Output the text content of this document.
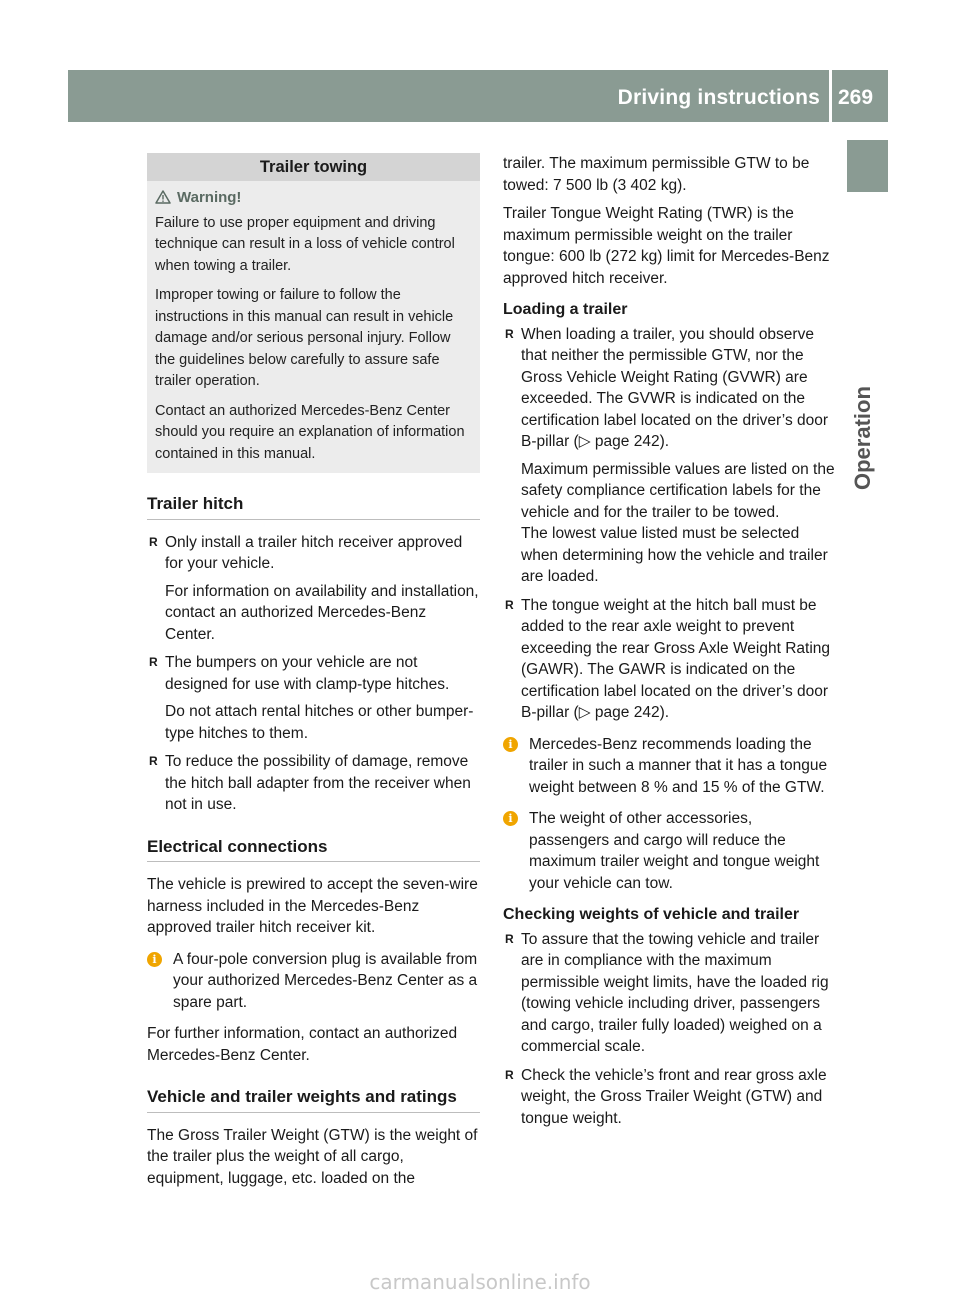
Driving instructions 269
Operation
Trailer towing
Warning!

Failure to use proper equipment and driving technique can result in a loss of vehicle control when towing a trailer.

Improper towing or failure to follow the instructions in this manual can result in vehicle damage and/or serious personal injury. Follow the guidelines below carefully to assure safe trailer operation.

Contact an authorized Mercedes-Benz Center should you require an explanation of information contained in this manual.

Trailer hitch
R Only install a trailer hitch receiver approved for your vehicle.

For information on availability and installation, contact an authorized Mercedes-Benz Center.

R The bumpers on your vehicle are not designed for use with clamp-type hitches.

Do not attach rental hitches or other bumper-type hitches to them.

R To reduce the possibility of damage, remove the hitch ball adapter from the receiver when not in use.

Electrical connections

The vehicle is prewired to accept the seven-wire harness included in the Mercedes-Benz approved trailer hitch receiver kit.

i	A four-pole conversion plug is available from your authorized Mercedes-Benz Center as a spare part.

For further information, contact an authorized Mercedes-Benz Center.

Vehicle and trailer weights and ratings

The Gross Trailer Weight (GTW) is the weight of the trailer plus the weight of all cargo, equipment, luggage, etc. loaded on the

trailer. The maximum permissible GTW to be towed: 7 500 lb (3 402 kg).

Trailer Tongue Weight Rating (TWR) is the maximum permissible weight on the trailer tongue: 600 lb (272 kg) limit for Mercedes-Benz approved hitch receiver.

Loading a trailer
R When loading a trailer, you should observe that neither the permissible GTW, nor the Gross Vehicle Weight Rating (GVWR) are exceeded. The GVWR is indicated on the certification label located on the driver’s door B-pillar (▷ page 242).

Maximum permissible values are listed on the safety compliance certification labels for the vehicle and for the trailer to be towed.

The lowest value listed must be selected when determining how the vehicle and trailer are loaded.

R The tongue weight at the hitch ball must be added to the rear axle weight to prevent exceeding the rear Gross Axle Weight Rating (GAWR). The GAWR is indicated on the certification label located on the driver’s door B-pillar (▷ page 242).

i	Mercedes-Benz recommends loading the trailer in such a manner that it has a tongue weight between 8 % and 15 % of the GTW.
i	The weight of other accessories, passengers and cargo will reduce the maximum trailer weight and tongue weight your vehicle can tow.
Checking weights of vehicle and trailer
R To assure that the towing vehicle and trailer are in compliance with the maximum permissible weight limits, have the loaded rig (towing vehicle including driver, passengers and cargo, trailer fully loaded) weighed on a commercial scale.

R Check the vehicle’s front and rear gross axle weight, the Gross Trailer Weight (GTW) and tongue weight.

carmanualsonline.info
